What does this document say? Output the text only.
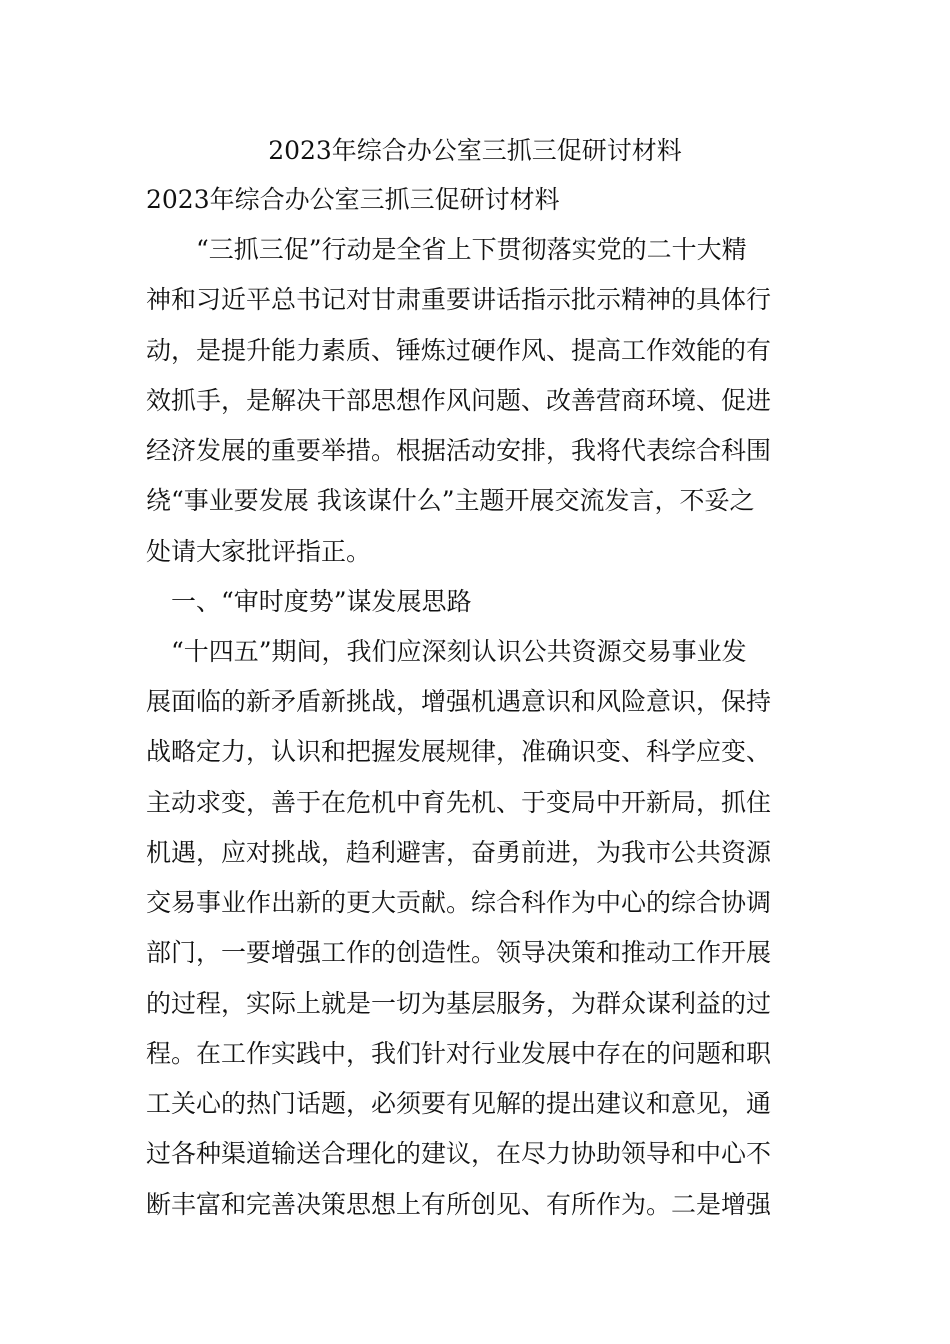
2023年综合办公室三抓三促研讨材料
2023年综合办公室三抓三促研讨材料
　　“三抓三促”行动是全省上下贯彻落实党的二十大精
神和习近平总书记对甘肃重要讲话指示批示精神的具体行
动，是提升能力素质、锤炼过硬作风、提高工作效能的有
效抓手，是解决干部思想作风问题、改善营商环境、促进
经济发展的重要举措。根据活动安排，我将代表综合科围
绕“事业要发展 我该谋什么”主题开展交流发言，不妥之
处请大家批评指正。
　一、“审时度势”谋发展思路
　“十四五”期间，我们应深刻认识公共资源交易事业发
展面临的新矛盾新挑战，增强机遇意识和风险意识，保持
战略定力，认识和把握发展规律，准确识变、科学应变、
主动求变，善于在危机中育先机、于变局中开新局，抓住
机遇，应对挑战，趋利避害，奋勇前进，为我市公共资源
交易事业作出新的更大贡献。综合科作为中心的综合协调
部门，一要增强工作的创造性。领导决策和推动工作开展
的过程，实际上就是一切为基层服务，为群众谋利益的过
程。在工作实践中，我们针对行业发展中存在的问题和职
工关心的热门话题，必须要有见解的提出建议和意见，通
过各种渠道输送合理化的建议，在尽力协助领导和中心不
断丰富和完善决策思想上有所创见、有所作为。二是增强
